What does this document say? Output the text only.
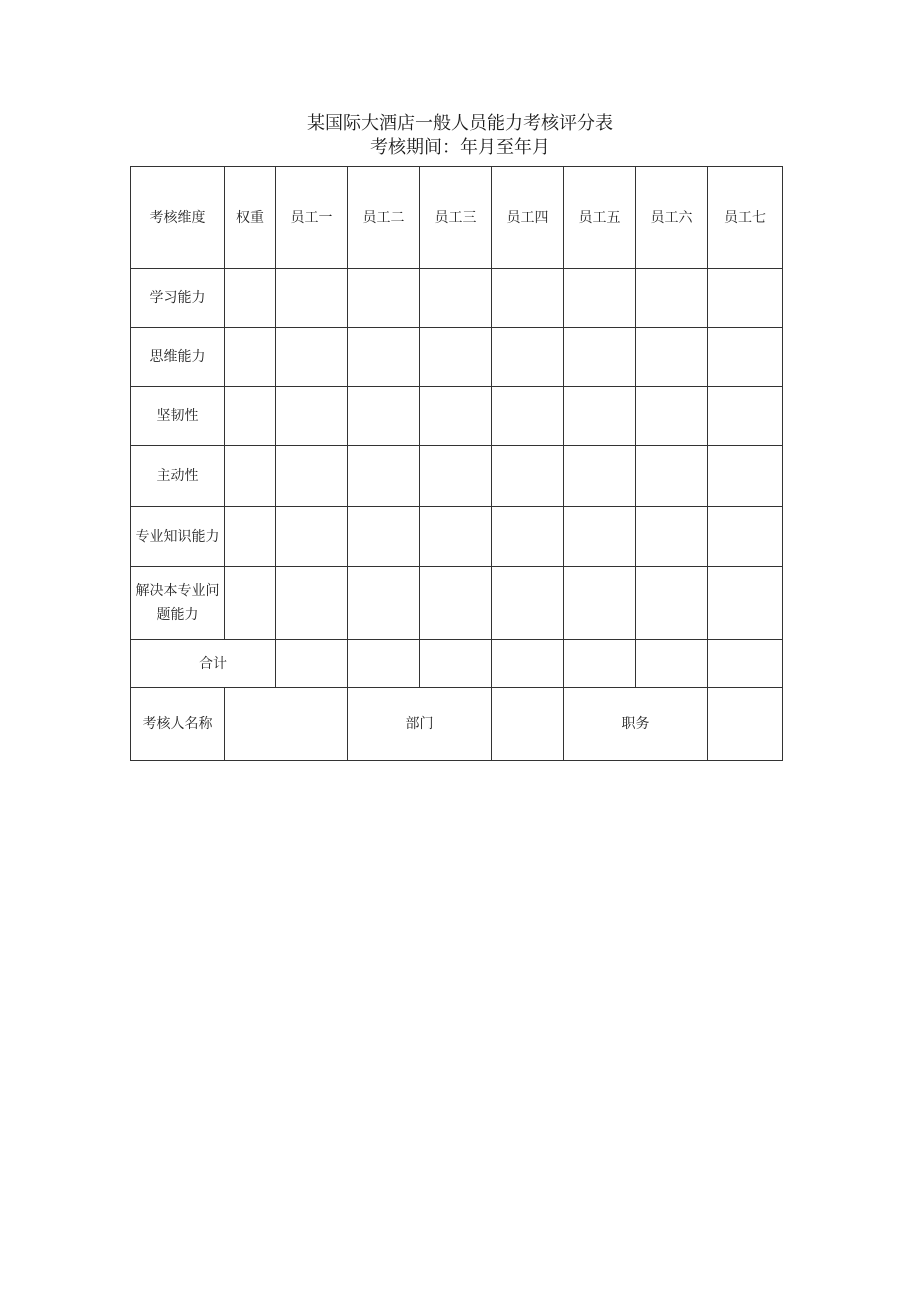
某国际大酒店一般人员能力考核评分表
考核期间：年月至年月
考核维度	权重	员工一	员工二	员工三	员工四	员工五	员工六	员工七
学习能力								
思维能力								
坚韧性								
主动性								
专业知识能力								
解决本专业问题能力								
合计								
考核人名称			部门			职务		
